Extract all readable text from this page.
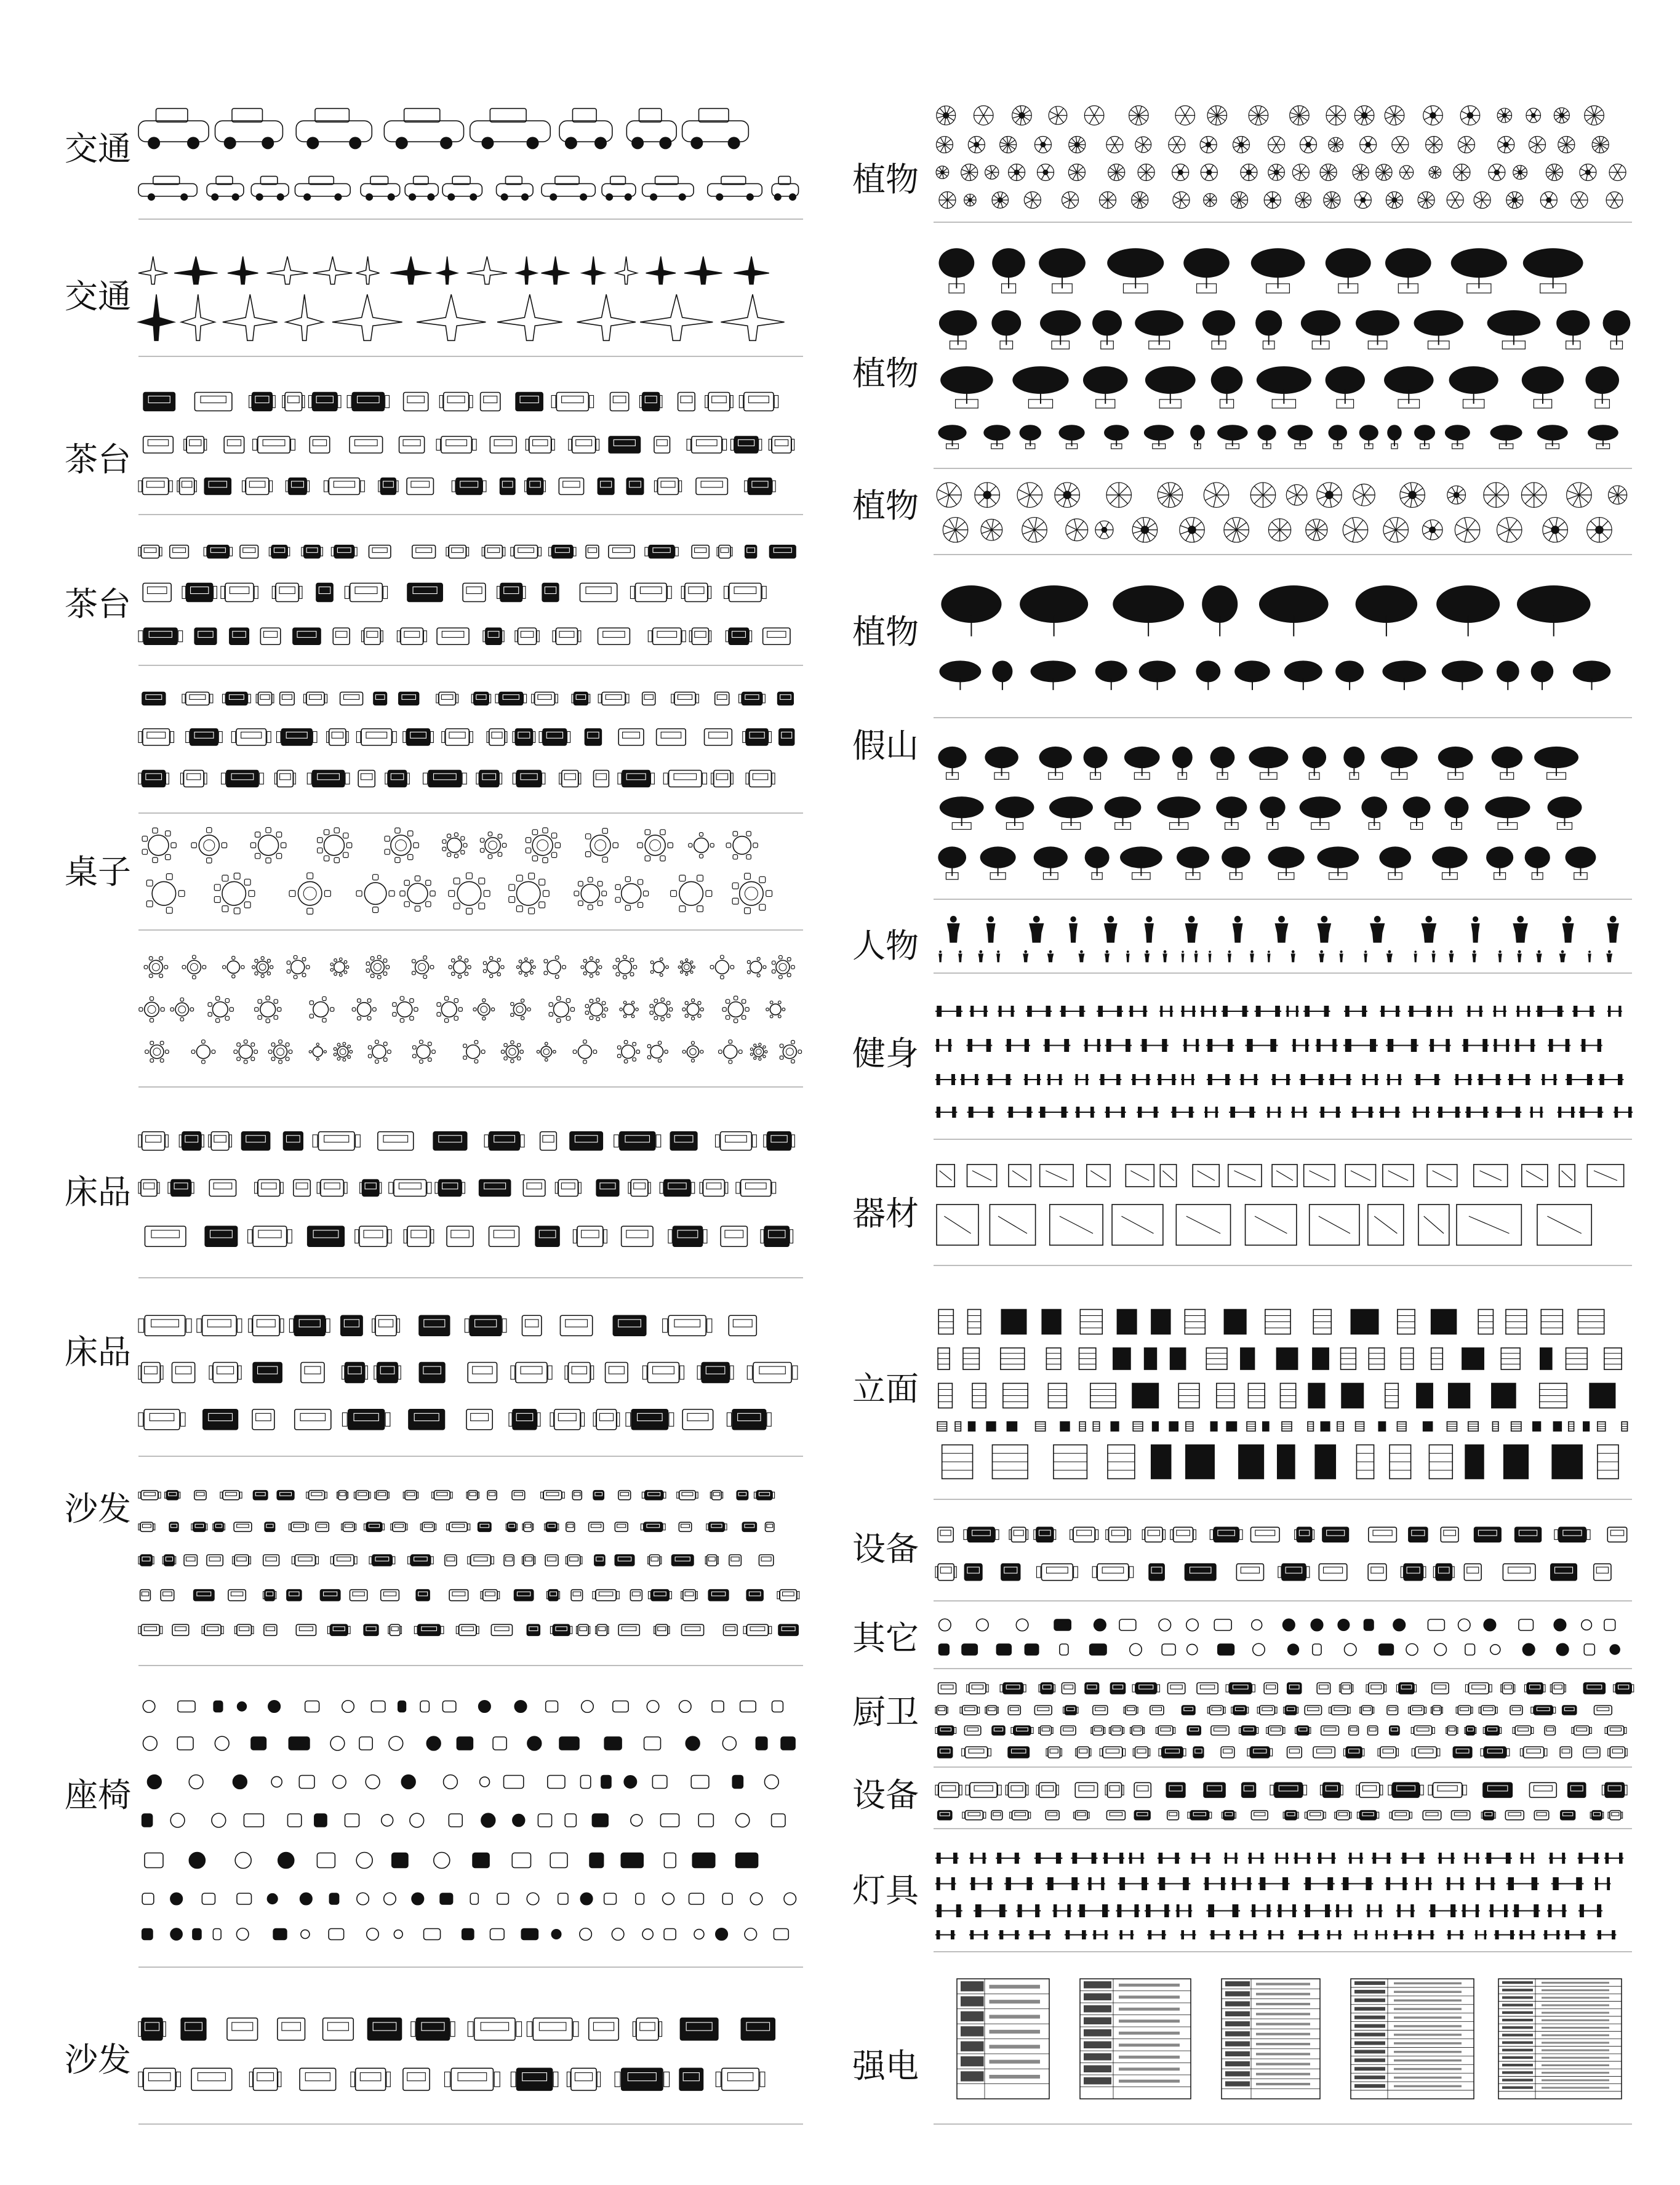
交通
交通
茶台
茶台
桌子
床品
床品
沙发
座椅
沙发
植物
植物
植物
植物
假山
人物
健身
器材
立面
设备
其它
厨卫
设备
灯具
强电
